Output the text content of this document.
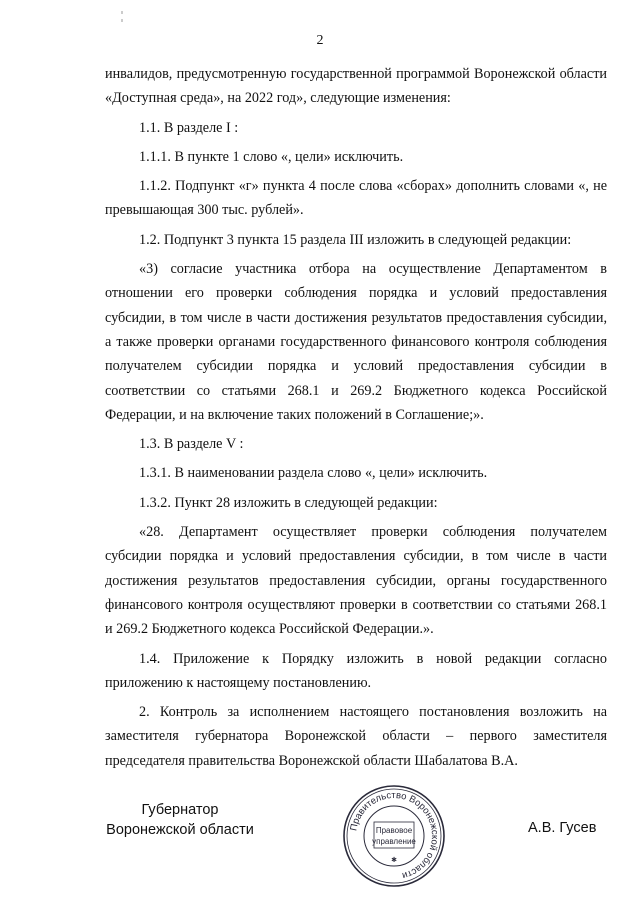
2

инвалидов, предусмотренную государственной программой Воронежской области «Доступная среда», на 2022 год», следующие изменения:

1.1. В разделе I :

1.1.1. В пункте 1 слово «, цели» исключить.

1.1.2. Подпункт «г» пункта 4 после слова «сборах» дополнить словами «, не превышающая 300 тыс. рублей».

1.2. Подпункт 3 пункта 15 раздела III изложить в следующей редакции:

«3) согласие участника отбора на осуществление Департаментом в отношении его проверки соблюдения порядка и условий предоставления субсидии, в том числе в части достижения результатов предоставления субсидии, а также проверки органами государственного финансового контроля соблюдения получателем субсидии порядка и условий предоставления субсидии в соответствии со статьями 268.1 и 269.2 Бюджетного кодекса Российской Федерации, и на включение таких положений в Соглашение;».

1.3. В разделе V :

1.3.1. В наименовании раздела слово «, цели» исключить.

1.3.2. Пункт 28 изложить в следующей редакции:

«28. Департамент осуществляет проверки соблюдения получателем субсидии порядка и условий предоставления субсидии, в том числе в части достижения результатов предоставления субсидии, органы государственного финансового контроля осуществляют проверки в соответствии со статьями 268.1 и 269.2 Бюджетного кодекса Российской Федерации.».

1.4. Приложение к Порядку изложить в новой редакции согласно приложению к настоящему постановлению.

2. Контроль за исполнением настоящего постановления возложить на заместителя губернатора Воронежской области – первого заместителя председателя правительства Воронежской области Шабалатова В.А.

Губернатор
Воронежской области	Правительство Воронежской области
Правовое
управление
✱
А.В. Гусев
